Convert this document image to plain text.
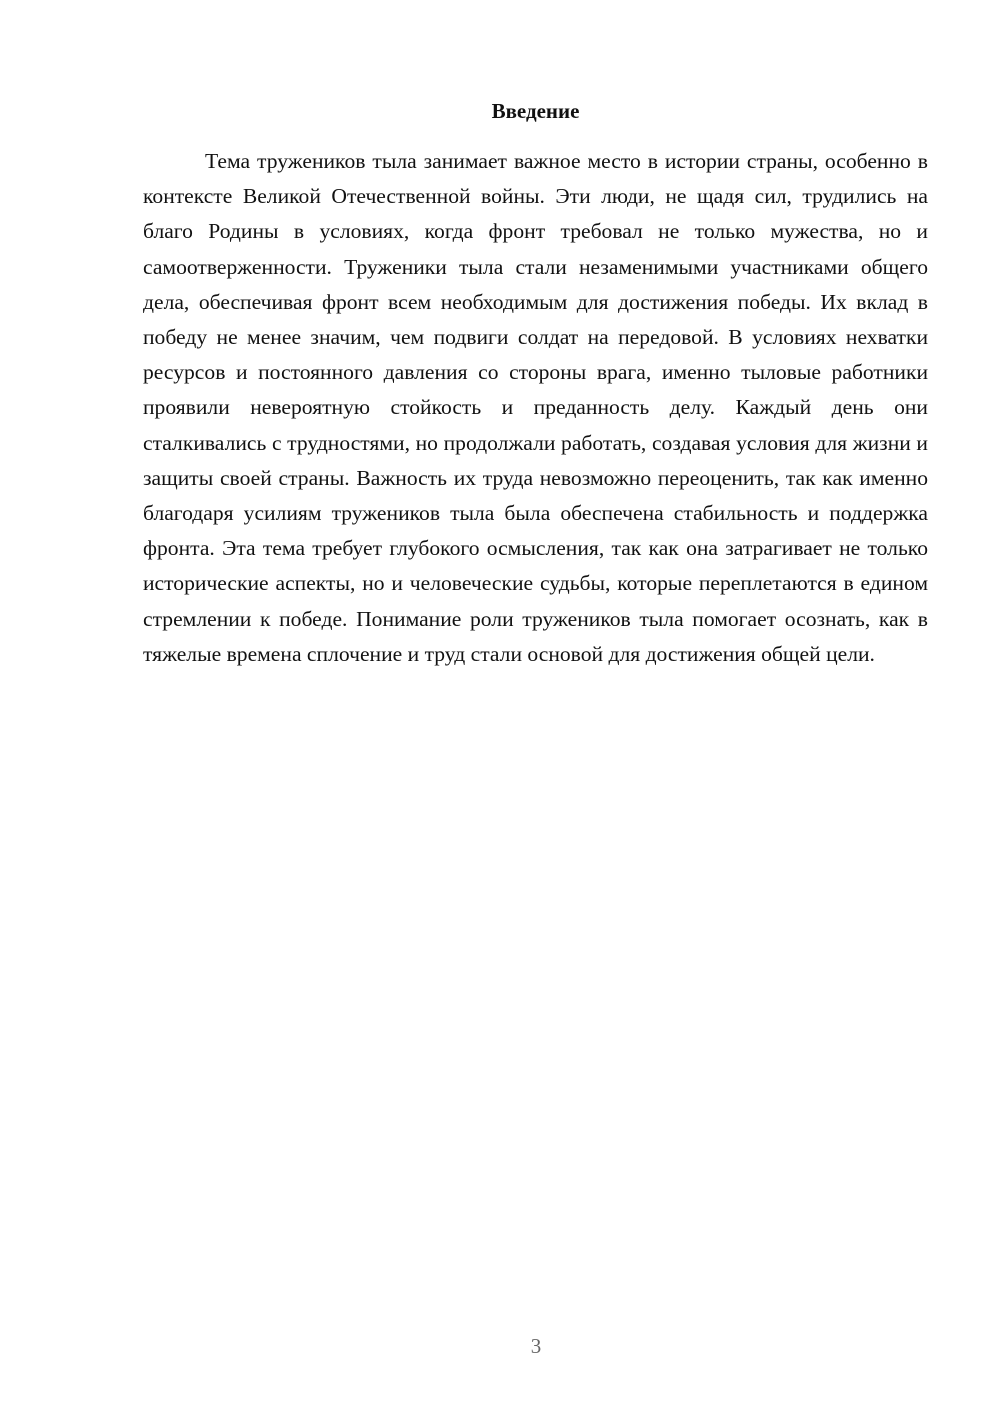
Введение

Тема тружеников тыла занимает важное место в истории страны, особенно в контексте Великой Отечественной войны. Эти люди, не щадя сил, трудились на благо Родины в условиях, когда фронт требовал не только мужества, но и самоотверженности. Труженики тыла стали незаменимыми участниками общего дела, обеспечивая фронт всем необходимым для достижения победы. Их вклад в победу не менее значим, чем подвиги солдат на передовой. В условиях нехватки ресурсов и постоянного давления со стороны врага, именно тыловые работники проявили невероятную стойкость и преданность делу. Каждый день они сталкивались с трудностями, но продолжали работать, создавая условия для жизни и защиты своей страны. Важность их труда невозможно переоценить, так как именно благодаря усилиям тружеников тыла была обеспечена стабильность и поддержка фронта. Эта тема требует глубокого осмысления, так как она затрагивает не только исторические аспекты, но и человеческие судьбы, которые переплетаются в едином стремлении к победе. Понимание роли тружеников тыла помогает осознать, как в тяжелые времена сплочение и труд стали основой для достижения общей цели.

3
